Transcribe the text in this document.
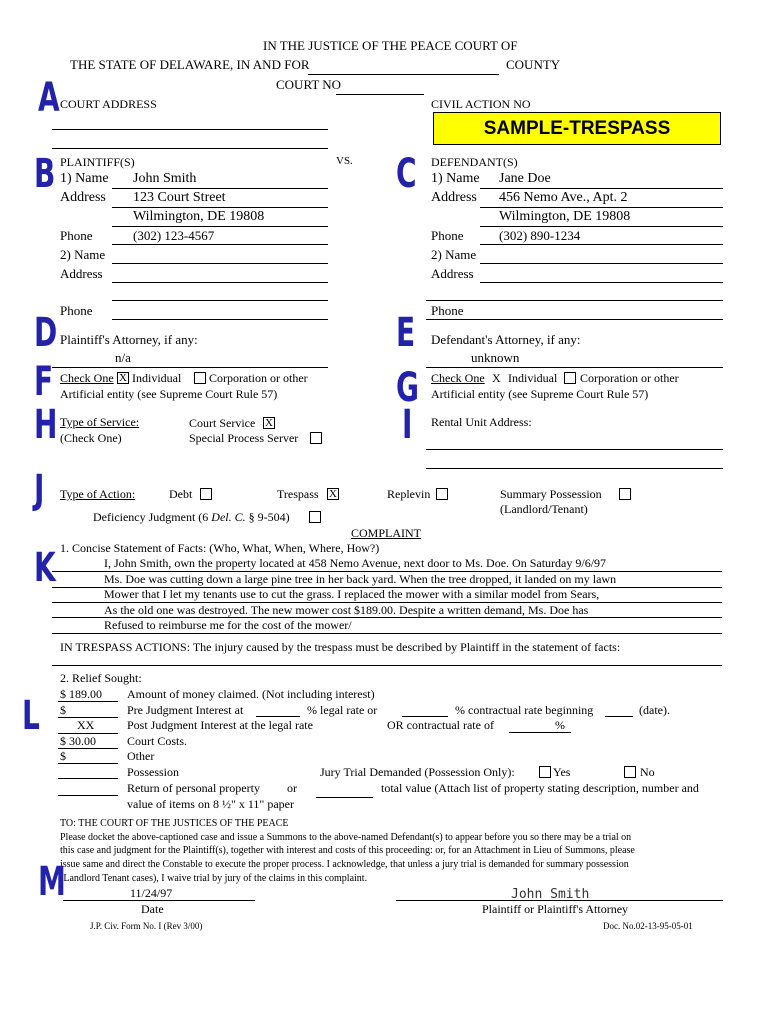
IN THE JUSTICE OF THE PEACE COURT OF
THE STATE OF DELAWARE, IN AND FOR	COUNTY
COURT NO
A COURT ADDRESS	CIVIL ACTION NO
SAMPLE-TRESPASS
B PLAINTIFF(S)
1) Name John Smith
Address 123 Court Street
Wilmington, DE 19808
Phone	(302) 123-4567
2) Name
Address
Phone
VS. C DEFENDANT(S)
1) Name Jane Doe
Address 456 Nemo Ave., Apt. 2
Wilmington, DE 19808
Phone	(302) 890-1234
2) Name
Address
Phone
D Plaintiff's Attorney, if any:
n/a
E Defendant's Attorney, if any:
unknown
F Check One X Individual Corporation or other
Artificial entity (see Supreme Court Rule 57)	G Check One X Individual Corporation or other
Artificial entity (see Supreme Court Rule 57)
H Type of Service:
(Check One)
Court Service X
Special Process Server	I Rental Unit Address:
J Type of Action:	Debt	Trespass X	Replevin	Summary Possession
(Landlord/Tenant)
Deficiency Judgment (6 Del. C. § 9-504)
COMPLAINT
K 1. Concise Statement of Facts: (Who, What, When, Where, How?)
I, John Smith, own the property located at 458 Nemo Avenue, next door to Ms. Doe. On Saturday 9/6/97
Ms. Doe was cutting down a large pine tree in her back yard. When the tree dropped, it landed on my lawn
Mower that I let my tenants use to cut the grass. I replaced the mower with a similar model from Sears,
As the old one was destroyed. The new mower cost $189.00. Despite a written demand, Ms. Doe has
Refused to reimburse me for the cost of the mower/
IN TRESPASS ACTIONS: The injury caused by the trespass must be described by Plaintiff in the statement of facts:
2. Relief Sought:
L $ 189.00 Amount of money claimed. (Not including interest)
$	Pre Judgment Interest at	% legal rate or	% contractual rate beginning	(date).
XX	Post Judgment Interest at the legal rate	OR contractual rate of	%
$ 30.00	Court Costs.
$	Other
Possession	Jury Trial Demanded (Possession Only):	Yes	No
Return of personal property or	total value (Attach list of property stating description, number and
value of items on 8 ½" x 11" paper
TO: THE COURT OF THE JUSTICES OF THE PEACE
Please docket the above-captioned case and issue a Summons to the above-named Defendant(s) to appear before you so there may be a trial on
this case and judgment for the Plaintiff(s), together with interest and costs of this proceeding: or, for an Attachment in Lieu of Summons, please
issue same and direct the Constable to execute the proper process. I acknowledge, that unless a jury trial is demanded for summary possession
(Landlord Tenant cases), I waive trial by jury of the claims in this complaint.
M	11/24/97
Date
John Smith
Plaintiff or Plaintiff's Attorney
J.P. Civ. Form No. I (Rev 3/00)	Doc. No.02-13-95-05-01
